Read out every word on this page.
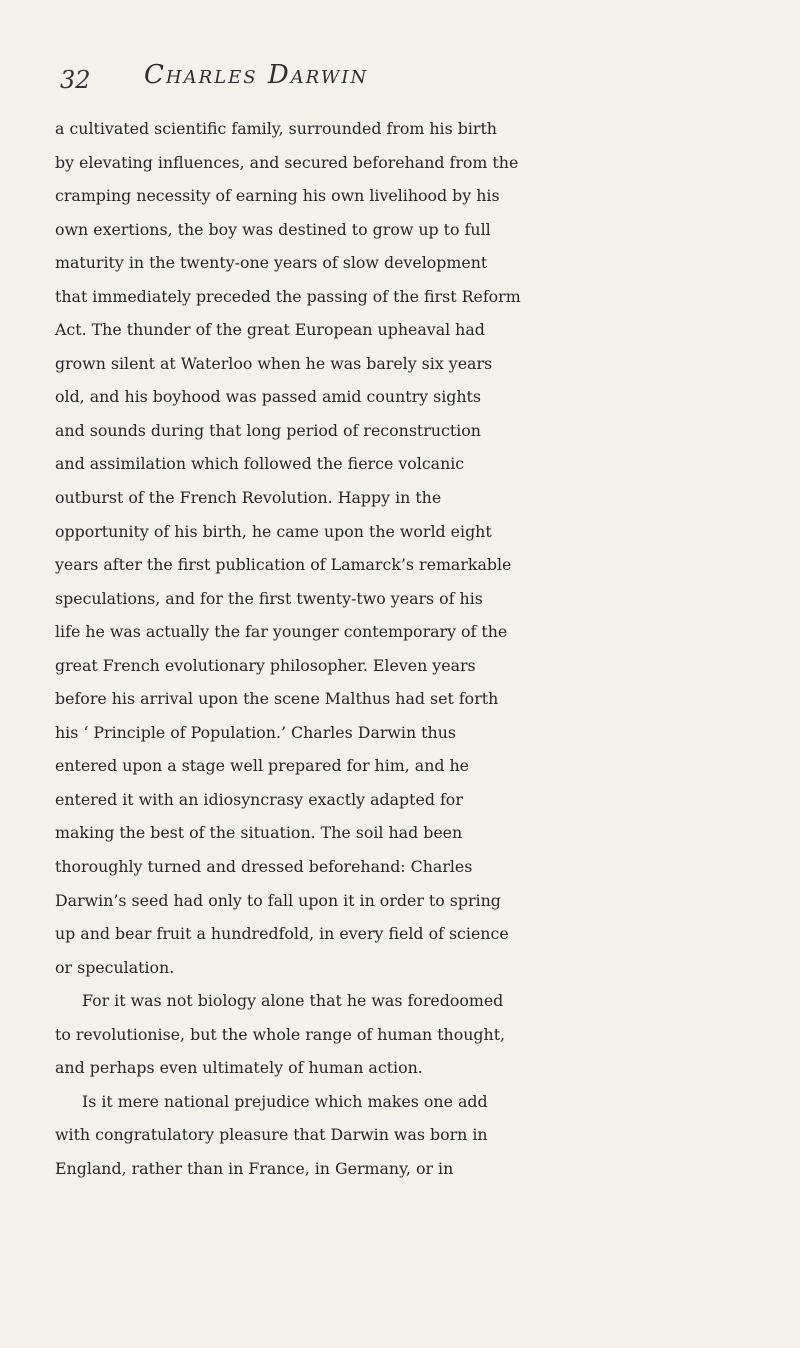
32 Charles Darwin
a cultivated scientific family, surrounded from his birth
by elevating influences, and secured beforehand from the
cramping necessity of earning his own livelihood by his
own exertions, the boy was destined to grow up to full
maturity in the twenty-one years of slow development
that immediately preceded the passing of the first Reform
Act. The thunder of the great European upheaval had
grown silent at Waterloo when he was barely six years
old, and his boyhood was passed amid country sights
and sounds during that long period of reconstruction
and assimilation which followed the fierce volcanic
outburst of the French Revolution. Happy in the
opportunity of his birth, he came upon the world eight
years after the first publication of Lamarck’s remarkable
speculations, and for the first twenty-two years of his
life he was actually the far younger contemporary of the
great French evolutionary philosopher. Eleven years
before his arrival upon the scene Malthus had set forth
his ‘ Principle of Population.’ Charles Darwin thus
entered upon a stage well prepared for him, and he
entered it with an idiosyncrasy exactly adapted for
making the best of the situation. The soil had been
thoroughly turned and dressed beforehand: Charles
Darwin’s seed had only to fall upon it in order to spring
up and bear fruit a hundredfold, in every field of science
or speculation.
For it was not biology alone that he was foredoomed
to revolutionise, but the whole range of human thought,
and perhaps even ultimately of human action.
Is it mere national prejudice which makes one add
with congratulatory pleasure that Darwin was born in
England, rather than in France, in Germany, or in
